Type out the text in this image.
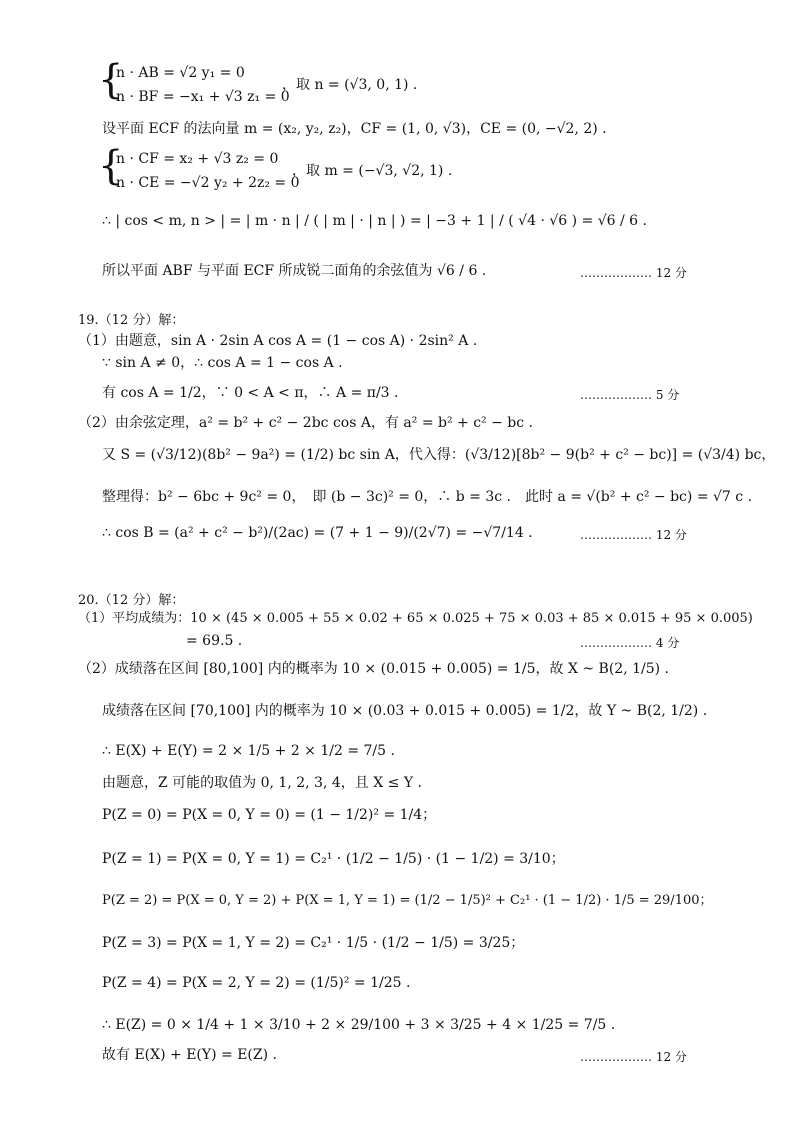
{
n · AB = √2 y₁ = 0
n · BF = −x₁ + √3 z₁ = 0
，取 n = (√3, 0, 1) .
设平面 ECF 的法向量 m = (x₂, y₂, z₂)，CF = (1, 0, √3)，CE = (0, −√2, 2) .
{
n · CF = x₂ + √3 z₂ = 0
n · CE = −√2 y₂ + 2z₂ = 0
，取 m = (−√3, √2, 1) .
∴ | cos < m, n > | = | m · n | / ( | m | · | n | ) = | −3 + 1 | / ( √4 · √6 ) = √6 / 6 .
所以平面 ABF 与平面 ECF 所成锐二面角的余弦值为 √6 / 6 .	……………… 12 分
19.（12 分）解：
（1）由题意，sin A · 2sin A cos A = (1 − cos A) · 2sin² A .
∵ sin A ≠ 0，∴ cos A = 1 − cos A .
有 cos A = 1/2，∵ 0 < A < π，∴ A = π/3 .	……………… 5 分
（2）由余弦定理，a² = b² + c² − 2bc cos A，有 a² = b² + c² − bc .
又 S = (√3/12)(8b² − 9a²) = (1/2) bc sin A，代入得：(√3/12)[8b² − 9(b² + c² − bc)] = (√3/4) bc，
整理得：b² − 6bc + 9c² = 0，　即 (b − 3c)² = 0，∴ b = 3c .　此时 a = √(b² + c² − bc) = √7 c .
∴ cos B = (a² + c² − b²)/(2ac) = (7 + 1 − 9)/(2√7) = −√7/14 .	……………… 12 分
20.（12 分）解：
（1）平均成绩为：10 × (45 × 0.005 + 55 × 0.02 + 65 × 0.025 + 75 × 0.03 + 85 × 0.015 + 95 × 0.005)
= 69.5 .	……………… 4 分
（2）成绩落在区间 [80,100] 内的概率为 10 × (0.015 + 0.005) = 1/5，故 X ~ B(2, 1/5) .
成绩落在区间 [70,100] 内的概率为 10 × (0.03 + 0.015 + 0.005) = 1/2，故 Y ~ B(2, 1/2) .
∴ E(X) + E(Y) = 2 × 1/5 + 2 × 1/2 = 7/5 .
由题意，Z 可能的取值为 0, 1, 2, 3, 4，且 X ≤ Y .
P(Z = 0) = P(X = 0, Y = 0) = (1 − 1/2)² = 1/4；
P(Z = 1) = P(X = 0, Y = 1) = C₂¹ · (1/2 − 1/5) · (1 − 1/2) = 3/10；
P(Z = 2) = P(X = 0, Y = 2) + P(X = 1, Y = 1) = (1/2 − 1/5)² + C₂¹ · (1 − 1/2) · 1/5 = 29/100；
P(Z = 3) = P(X = 1, Y = 2) = C₂¹ · 1/5 · (1/2 − 1/5) = 3/25；
P(Z = 4) = P(X = 2, Y = 2) = (1/5)² = 1/25 .
∴ E(Z) = 0 × 1/4 + 1 × 3/10 + 2 × 29/100 + 3 × 3/25 + 4 × 1/25 = 7/5 .
故有 E(X) + E(Y) = E(Z) .	……………… 12 分
